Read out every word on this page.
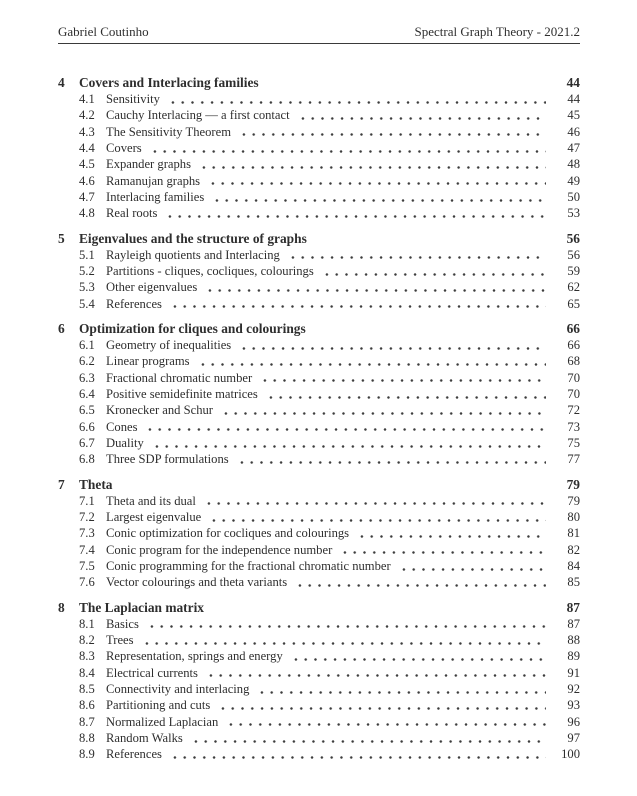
Gabriel Coutinho	Spectral Graph Theory - 2021.2
4	Covers and Interlacing families	44
4.1 Sensitivity	44
4.2 Cauchy Interlacing — a first contact	45
4.3 The Sensitivity Theorem	46
4.4 Covers	47
4.5 Expander graphs	48
4.6 Ramanujan graphs	49
4.7 Interlacing families	50
4.8 Real roots	53
5	Eigenvalues and the structure of graphs	56
5.1 Rayleigh quotients and Interlacing	56
5.2 Partitions - cliques, cocliques, colourings	59
5.3 Other eigenvalues	62
5.4 References	65
6	Optimization for cliques and colourings	66
6.1 Geometry of inequalities	66
6.2 Linear programs	68
6.3 Fractional chromatic number	70
6.4 Positive semidefinite matrices	70
6.5 Kronecker and Schur	72
6.6 Cones	73
6.7 Duality	75
6.8 Three SDP formulations	77
7	Theta	79
7.1 Theta and its dual	79
7.2 Largest eigenvalue	80
7.3 Conic optimization for cocliques and colourings	81
7.4 Conic program for the independence number	82
7.5 Conic programming for the fractional chromatic number	84
7.6 Vector colourings and theta variants	85
8	The Laplacian matrix	87
8.1 Basics	87
8.2 Trees	88
8.3 Representation, springs and energy	89
8.4 Electrical currents	91
8.5 Connectivity and interlacing	92
8.6 Partitioning and cuts	93
8.7 Normalized Laplacian	96
8.8 Random Walks	97
8.9 References	100
